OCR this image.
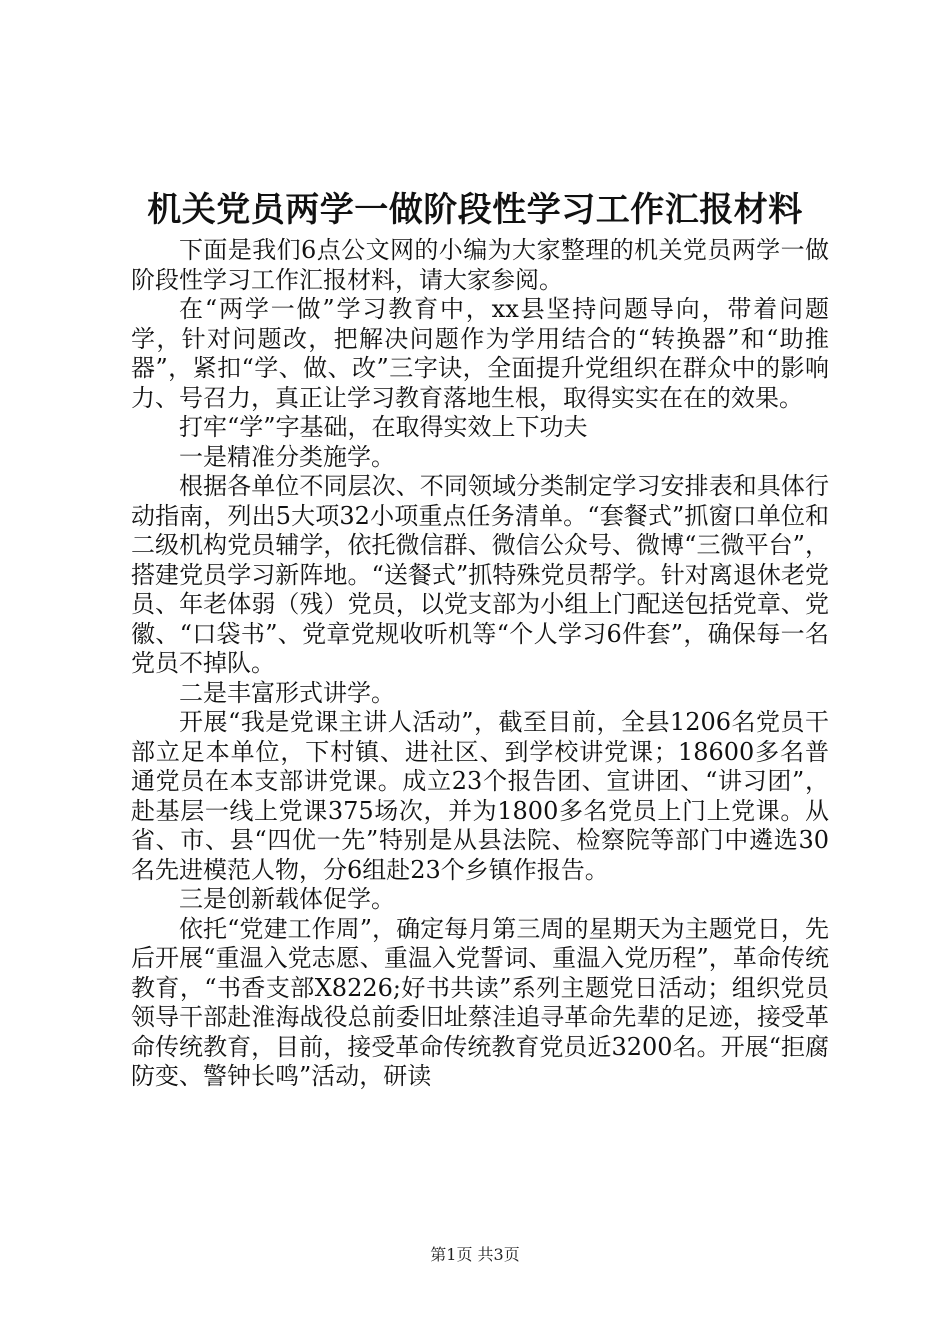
机关党员两学一做阶段性学习工作汇报材料

下面是我们6点公文网的小编为大家整理的机关党员两学一做阶段性学习工作汇报材料，请大家参阅。

在“两学一做”学习教育中，xx县坚持问题导向，带着问题学，针对问题改，把解决问题作为学用结合的“转换器”和“助推器”，紧扣“学、做、改”三字诀，全面提升党组织在群众中的影响力、号召力，真正让学习教育落地生根，取得实实在在的效果。

打牢“学”字基础，在取得实效上下功夫

一是精准分类施学。

根据各单位不同层次、不同领域分类制定学习安排表和具体行动指南，列出5大项32小项重点任务清单。“套餐式”抓窗口单位和二级机构党员辅学，依托微信群、微信公众号、微博“三微平台”，搭建党员学习新阵地。“送餐式”抓特殊党员帮学。针对离退休老党员、年老体弱（残）党员，以党支部为小组上门配送包括党章、党徽、“口袋书”、党章党规收听机等“个人学习6件套”，确保每一名党员不掉队。

二是丰富形式讲学。

开展“我是党课主讲人活动”，截至目前，全县1206名党员干部立足本单位，下村镇、进社区、到学校讲党课；18600多名普通党员在本支部讲党课。成立23个报告团、宣讲团、“讲习团”，赴基层一线上党课375场次，并为1800多名党员上门上党课。从省、市、县“四优一先”特别是从县法院、检察院等部门中遴选30名先进模范人物，分6组赴23个乡镇作报告。

三是创新载体促学。

依托“党建工作周”，确定每月第三周的星期天为主题党日，先后开展“重温入党志愿、重温入党誓词、重温入党历程”，革命传统教育，“书香支部X8226;好书共读”系列主题党日活动；组织党员领导干部赴淮海战役总前委旧址蔡洼追寻革命先辈的足迹，接受革命传统教育，目前，接受革命传统教育党员近3200名。开展“拒腐防变、警钟长鸣”活动，研读

第1页 共3页
